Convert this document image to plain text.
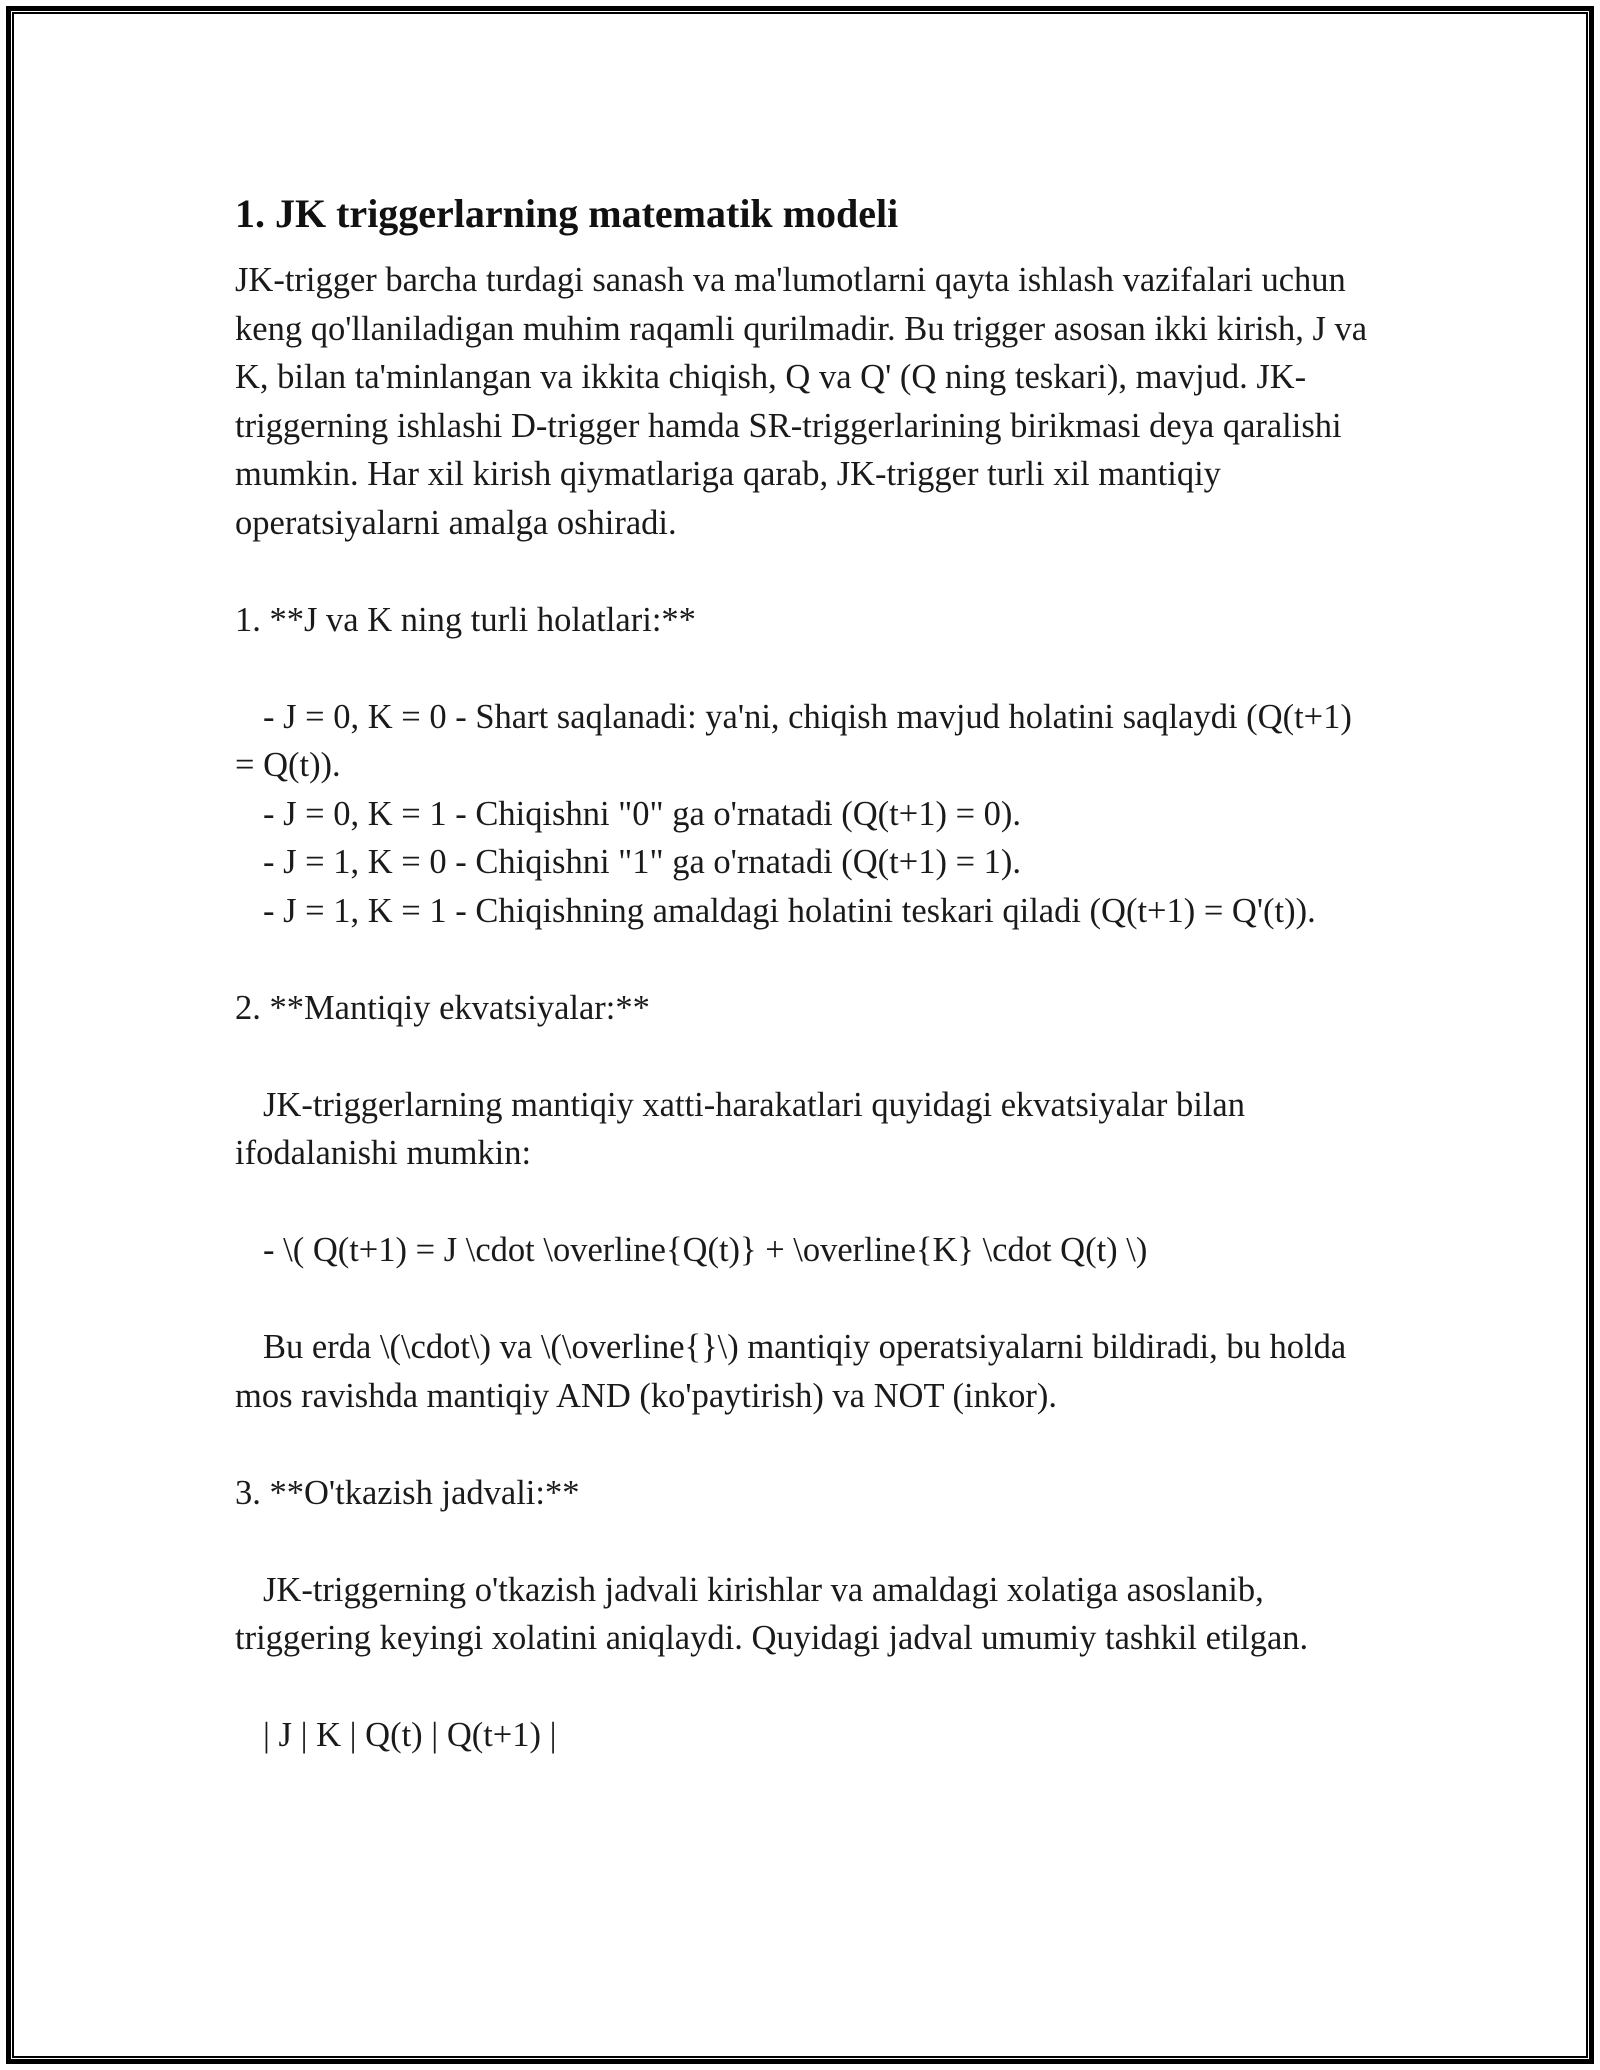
1. JK triggerlarning matematik modeli

JK-trigger barcha turdagi sanash va ma'lumotlarni qayta ishlash vazifalari uchun keng qo'llaniladigan muhim raqamli qurilmadir. Bu trigger asosan ikki kirish, J va K, bilan ta'minlangan va ikkita chiqish, Q va Q' (Q ning teskari), mavjud. JK-triggerning ishlashi D-trigger hamda SR-triggerlarining birikmasi deya qaralishi mumkin. Har xil kirish qiymatlariga qarab, JK-trigger turli xil mantiqiy operatsiyalarni amalga oshiradi.

1. **J va K ning turli holatlari:**

- J = 0, K = 0 - Shart saqlanadi: ya'ni, chiqish mavjud holatini saqlaydi (Q(t+1) = Q(t)).

- J = 0, K = 1 - Chiqishni "0" ga o'rnatadi (Q(t+1) = 0).

- J = 1, K = 0 - Chiqishni "1" ga o'rnatadi (Q(t+1) = 1).

- J = 1, K = 1 - Chiqishning amaldagi holatini teskari qiladi (Q(t+1) = Q'(t)).

2. **Mantiqiy ekvatsiyalar:**

JK-triggerlarning mantiqiy xatti-harakatlari quyidagi ekvatsiyalar bilan ifodalanishi mumkin:

- \( Q(t+1) = J \cdot \overline{Q(t)} + \overline{K} \cdot Q(t) \)

Bu erda \(\cdot\) va \(\overline{}\) mantiqiy operatsiyalarni bildiradi, bu holda mos ravishda mantiqiy AND (ko'paytirish) va NOT (inkor).

3. **O'tkazish jadvali:**

JK-triggerning o'tkazish jadvali kirishlar va amaldagi xolatiga asoslanib, triggering keyingi xolatini aniqlaydi. Quyidagi jadval umumiy tashkil etilgan.

| J | K | Q(t) | Q(t+1) |
